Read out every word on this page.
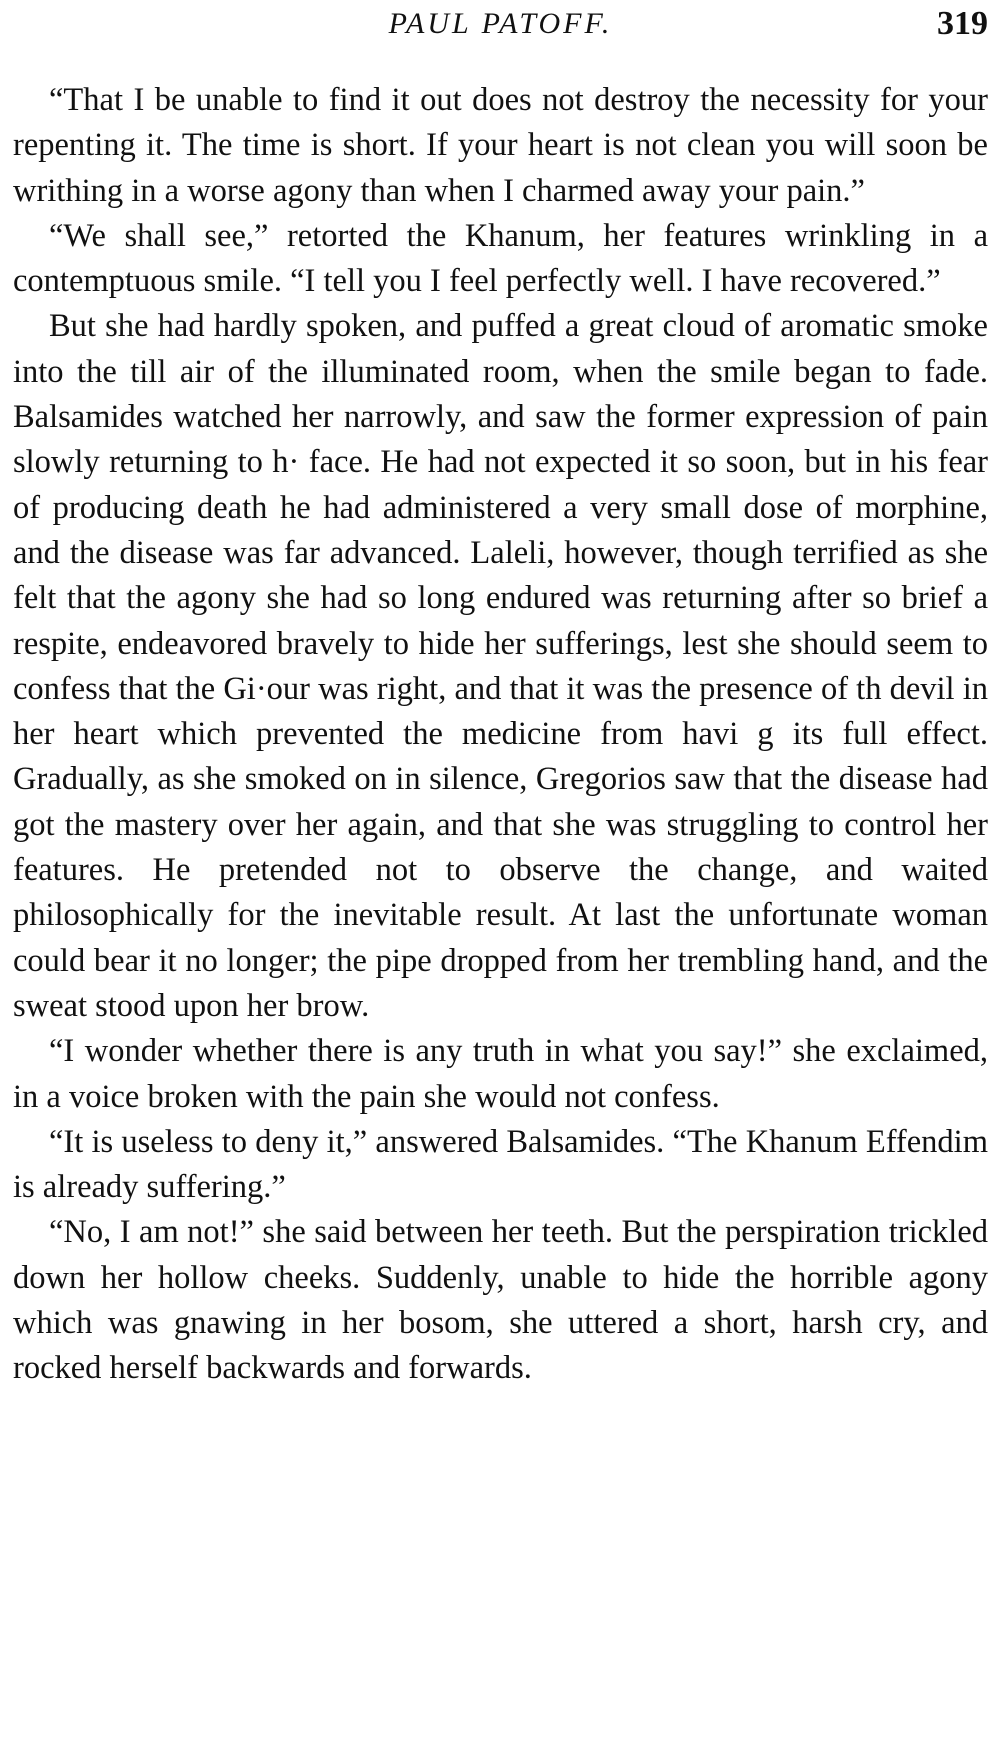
PAUL PATOFF.	319

“That I be unable to find it out does not destroy the necessity for your repenting it. The time is short. If your heart is not clean you will soon be writhing in a worse agony than when I charmed away your pain.”

“We shall see,” retorted the Khanum, her features wrinkling in a contemptuous smile. “I tell you I feel perfectly well. I have recovered.”

But she had hardly spoken, and puffed a great cloud of aromatic smoke into the till air of the illuminated room, when the smile began to fade. Balsamides watched her narrowly, and saw the former expression of pain slowly returning to h· face. He had not expected it so soon, but in his fear of producing death he had administered a very small dose of morphine, and the disease was far advanced. Laleli, however, though terrified as she felt that the agony she had so long endured was returning after so brief a respite, endeavored bravely to hide her sufferings, lest she should seem to confess that the Gi·our was right, and that it was the presence of th devil in her heart which prevented the medicine from havi g its full effect. Gradually, as she smoked on in silence, Gregorios saw that the disease had got the mastery over her again, and that she was struggling to control her features. He pretended not to observe the change, and waited philosophically for the inevitable result. At last the unfortunate woman could bear it no longer; the pipe dropped from her trembling hand, and the sweat stood upon her brow.

“I wonder whether there is any truth in what you say!” she exclaimed, in a voice broken with the pain she would not confess.

“It is useless to deny it,” answered Balsamides. “The Khanum Effendim is already suffering.”

“No, I am not!” she said between her teeth. But the perspiration trickled down her hollow cheeks. Suddenly, unable to hide the horrible agony which was gnawing in her bosom, she uttered a short, harsh cry, and rocked herself backwards and forwards.
